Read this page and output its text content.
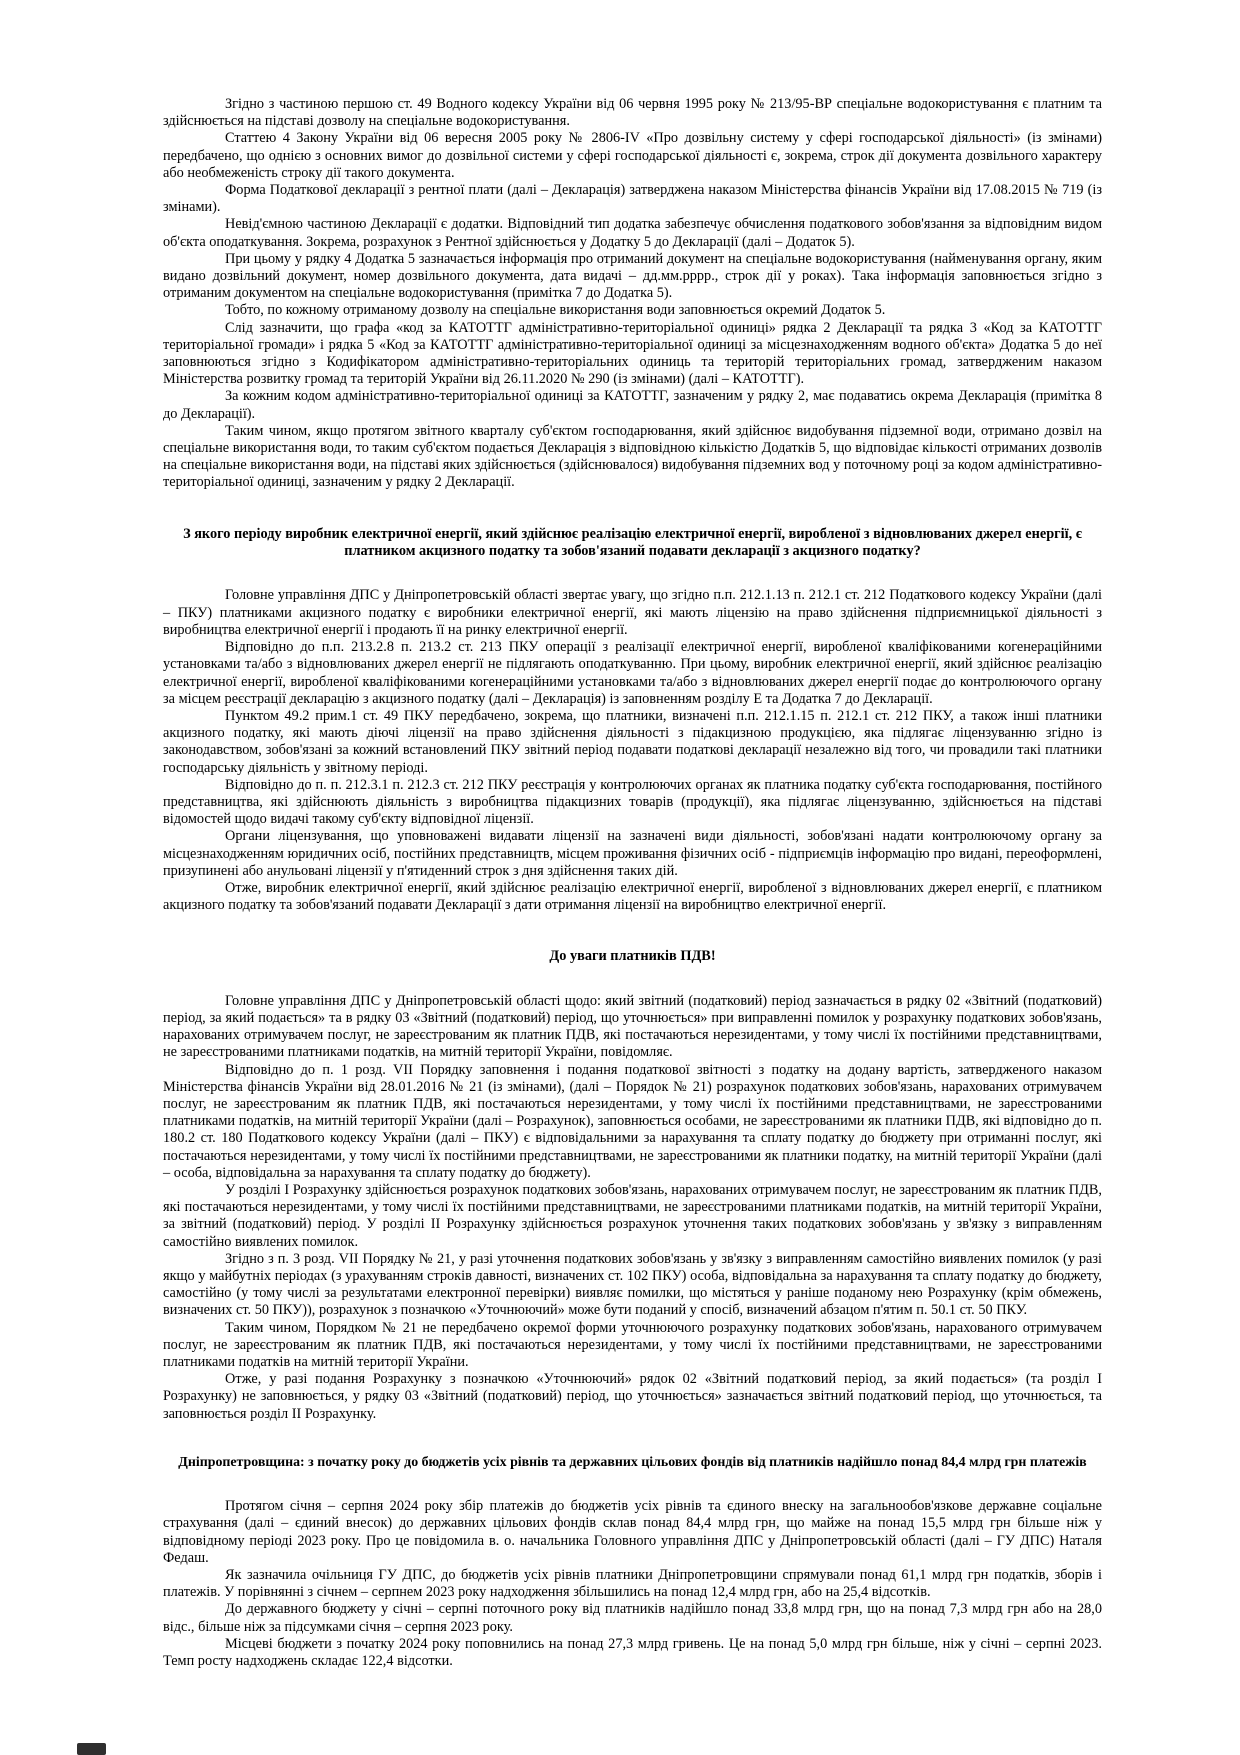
Згідно з частиною першою ст. 49 Водного кодексу України від 06 червня 1995 року № 213/95-ВР спеціальне водокористування є платним та здійснюється на підставі дозволу на спеціальне водокористування.

Статтею 4 Закону України від 06 вересня 2005 року № 2806-IV «Про дозвільну систему у сфері господарської діяльності» (із змінами) передбачено, що однією з основних вимог до дозвільної системи у сфері господарської діяльності є, зокрема, строк дії документа дозвільного характеру або необмеженість строку дії такого документа.

Форма Податкової декларації з рентної плати (далі – Декларація) затверджена наказом Міністерства фінансів України від 17.08.2015 № 719 (із змінами).

Невід'ємною частиною Декларації є додатки. Відповідний тип додатка забезпечує обчислення податкового зобов'язання за відповідним видом об'єкта оподаткування. Зокрема, розрахунок з Рентної здійснюється у Додатку 5 до Декларації (далі – Додаток 5).

При цьому у рядку 4 Додатка 5 зазначається інформація про отриманий документ на спеціальне водокористування (найменування органу, яким видано дозвільний документ, номер дозвільного документа, дата видачі – дд.мм.рррр., строк дії у роках). Така інформація заповнюється згідно з отриманим документом на спеціальне водокористування (примітка 7 до Додатка 5).

Тобто, по кожному отриманому дозволу на спеціальне використання води заповнюється окремий Додаток 5.

Слід зазначити, що графа «код за КАТОТТГ адміністративно-територіальної одиниці» рядка 2 Декларації та рядка 3 «Код за КАТОТТГ територіальної громади» і рядка 5 «Код за КАТОТТГ адміністративно-територіальної одиниці за місцезнаходженням водного об'єкта» Додатка 5 до неї заповнюються згідно з Кодифікатором адміністративно-територіальних одиниць та територій територіальних громад, затвердженим наказом Міністерства розвитку громад та територій України від 26.11.2020 № 290 (із змінами) (далі – КАТОТТГ).

За кожним кодом адміністративно-територіальної одиниці за КАТОТТГ, зазначеним у рядку 2, має подаватись окрема Декларація (примітка 8 до Декларації).

Таким чином, якщо протягом звітного кварталу суб'єктом господарювання, який здійснює видобування підземної води, отримано дозвіл на спеціальне використання води, то таким суб'єктом подається Декларація з відповідною кількістю Додатків 5, що відповідає кількості отриманих дозволів на спеціальне використання води, на підставі яких здійснюється (здійснювалося) видобування підземних вод у поточному році за кодом адміністративно-територіальної одиниці, зазначеним у рядку 2 Декларації.

З якого періоду виробник електричної енергії, який здійснює реалізацію електричної енергії, виробленої з відновлюваних джерел енергії, є платником акцизного податку та зобов'язаний подавати декларації з акцизного податку?

Головне управління ДПС у Дніпропетровській області звертає увагу, що згідно п.п. 212.1.13 п. 212.1 ст. 212 Податкового кодексу України (далі – ПКУ) платниками акцизного податку є виробники електричної енергії, які мають ліцензію на право здійснення підприємницької діяльності з виробництва електричної енергії і продають її на ринку електричної енергії.

Відповідно до п.п. 213.2.8 п. 213.2 ст. 213 ПКУ операції з реалізації електричної енергії, виробленої кваліфікованими когенераційними установками та/або з відновлюваних джерел енергії не підлягають оподаткуванню. При цьому, виробник електричної енергії, який здійснює реалізацію електричної енергії, виробленої кваліфікованими когенераційними установками та/або з відновлюваних джерел енергії подає до контролюючого органу за місцем реєстрації декларацію з акцизного податку (далі – Декларація) із заповненням розділу Е та Додатка 7 до Декларації.

Пунктом 49.2 прим.1 ст. 49 ПКУ передбачено, зокрема, що платники, визначені п.п. 212.1.15 п. 212.1 ст. 212 ПКУ, а також інші платники акцизного податку, які мають діючі ліцензії на право здійснення діяльності з підакцизною продукцією, яка підлягає ліцензуванню згідно із законодавством, зобов'язані за кожний встановлений ПКУ звітний період подавати податкові декларації незалежно від того, чи провадили такі платники господарську діяльність у звітному періоді.

Відповідно до п. п. 212.3.1 п. 212.3 ст. 212 ПКУ реєстрація у контролюючих органах як платника податку суб'єкта господарювання, постійного представництва, які здійснюють діяльність з виробництва підакцизних товарів (продукції), яка підлягає ліцензуванню, здійснюється на підставі відомостей щодо видачі такому суб'єкту відповідної ліцензії.

Органи ліцензування, що уповноважені видавати ліцензії на зазначені види діяльності, зобов'язані надати контролюючому органу за місцезнаходженням юридичних осіб, постійних представництв, місцем проживання фізичних осіб - підприємців інформацію про видані, переоформлені, призупинені або анульовані ліцензії у п'ятиденний строк з дня здійснення таких дій.

Отже, виробник електричної енергії, який здійснює реалізацію електричної енергії, виробленої з відновлюваних джерел енергії, є платником акцизного податку та зобов'язаний подавати Декларації з дати отримання ліцензії на виробництво електричної енергії.

До уваги платників ПДВ!

Головне управління ДПС у Дніпропетровській області щодо: який звітний (податковий) період зазначається в рядку 02 «Звітний (податковий) період, за який подається» та в рядку 03 «Звітний (податковий) період, що уточнюється» при виправленні помилок у розрахунку податкових зобов'язань, нарахованих отримувачем послуг, не зареєстрованим як платник ПДВ, які постачаються нерезидентами, у тому числі їх постійними представництвами, не зареєстрованими платниками податків, на митній території України, повідомляє.

Відповідно до п. 1 розд. VII Порядку заповнення і подання податкової звітності з податку на додану вартість, затвердженого наказом Міністерства фінансів України від 28.01.2016 № 21 (із змінами), (далі – Порядок № 21) розрахунок податкових зобов'язань, нарахованих отримувачем послуг, не зареєстрованим як платник ПДВ, які постачаються нерезидентами, у тому числі їх постійними представництвами, не зареєстрованими платниками податків, на митній території України (далі – Розрахунок), заповнюється особами, не зареєстрованими як платники ПДВ, які відповідно до п. 180.2 ст. 180 Податкового кодексу України (далі – ПКУ) є відповідальними за нарахування та сплату податку до бюджету при отриманні послуг, які постачаються нерезидентами, у тому числі їх постійними представництвами, не зареєстрованими як платники податку, на митній території України (далі – особа, відповідальна за нарахування та сплату податку до бюджету).

У розділі I Розрахунку здійснюється розрахунок податкових зобов'язань, нарахованих отримувачем послуг, не зареєстрованим як платник ПДВ, які постачаються нерезидентами, у тому числі їх постійними представництвами, не зареєстрованими платниками податків, на митній території України, за звітний (податковий) період. У розділі II Розрахунку здійснюється розрахунок уточнення таких податкових зобов'язань у зв'язку з виправленням самостійно виявлених помилок.

Згідно з п. 3 розд. VII Порядку № 21, у разі уточнення податкових зобов'язань у зв'язку з виправленням самостійно виявлених помилок (у разі якщо у майбутніх періодах (з урахуванням строків давності, визначених ст. 102 ПКУ) особа, відповідальна за нарахування та сплату податку до бюджету, самостійно (у тому числі за результатами електронної перевірки) виявляє помилки, що містяться у раніше поданому нею Розрахунку (крім обмежень, визначених ст. 50 ПКУ)), розрахунок з позначкою «Уточнюючий» може бути поданий у спосіб, визначений абзацом п'ятим п. 50.1 ст. 50 ПКУ.

Таким чином, Порядком № 21 не передбачено окремої форми уточнюючого розрахунку податкових зобов'язань, нарахованого отримувачем послуг, не зареєстрованим як платник ПДВ, які постачаються нерезидентами, у тому числі їх постійними представництвами, не зареєстрованими платниками податків на митній території України.

Отже, у разі подання Розрахунку з позначкою «Уточнюючий» рядок 02 «Звітний податковий період, за який подається» (та розділ I Розрахунку) не заповнюється, у рядку 03 «Звітний (податковий) період, що уточнюється» зазначається звітний податковий період, що уточнюється, та заповнюється розділ II Розрахунку.

Дніпропетровщина: з початку року до бюджетів усіх рівнів та державних цільових фондів від платників надійшло понад 84,4 млрд грн платежів

Протягом січня – серпня 2024 року збір платежів до бюджетів усіх рівнів та єдиного внеску на загальнообов'язкове державне соціальне страхування (далі – єдиний внесок) до державних цільових фондів склав понад 84,4 млрд грн, що майже на понад 15,5 млрд грн більше ніж у відповідному періоді 2023 року. Про це повідомила в. о. начальника Головного управління ДПС у Дніпропетровській області (далі – ГУ ДПС) Наталя Федаш.

Як зазначила очільниця ГУ ДПС, до бюджетів усіх рівнів платники Дніпропетровщини спрямували понад 61,1 млрд грн податків, зборів і платежів. У порівнянні з січнем – серпнем 2023 року надходження збільшились на понад 12,4 млрд грн, або на 25,4 відсотків.

До державного бюджету у січні – серпні поточного року від платників надійшло понад 33,8 млрд грн, що на понад 7,3 млрд грн або на 28,0 відс., більше ніж за підсумками січня – серпня 2023 року.

Місцеві бюджети з початку 2024 року поповнились на понад 27,3 млрд гривень. Це на понад 5,0 млрд грн більше, ніж у січні – серпні 2023. Темп росту надходжень складає 122,4 відсотки.
